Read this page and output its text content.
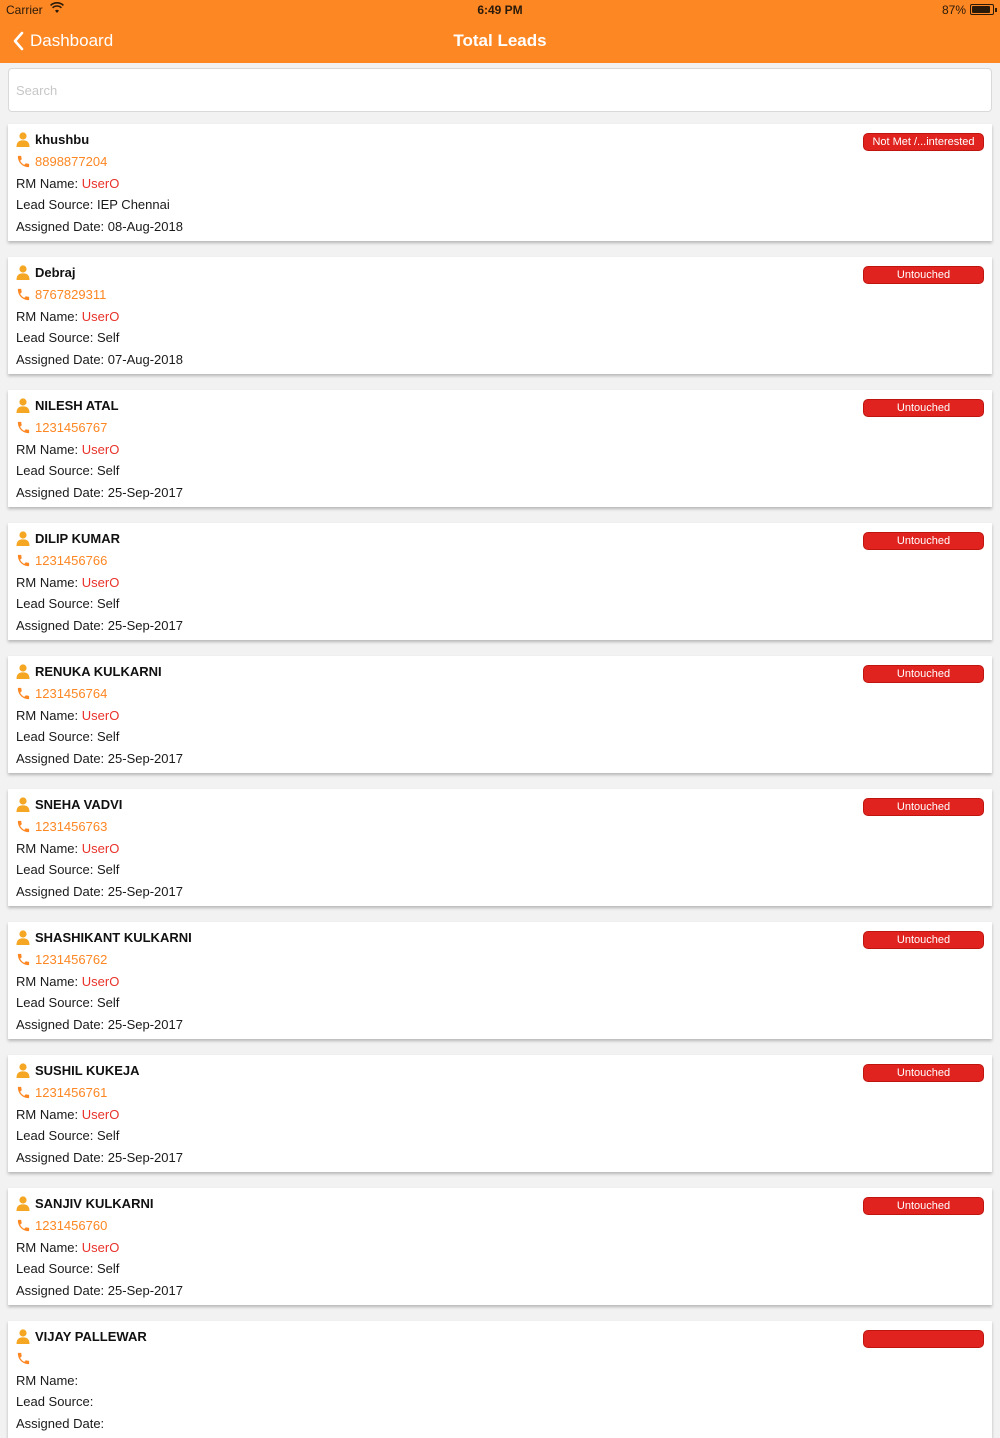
Carrier	6:49 PM	87%
Dashboard	Total Leads
Search
khushbu
8898877204
RM Name: UserO
Lead Source: IEP Chennai
Assigned Date: 08-Aug-2018
Not Met /...interested
Debraj
8767829311
RM Name: UserO
Lead Source: Self
Assigned Date: 07-Aug-2018
Untouched
NILESH ATAL
1231456767
RM Name: UserO
Lead Source: Self
Assigned Date: 25-Sep-2017
Untouched
DILIP KUMAR
1231456766
RM Name: UserO
Lead Source: Self
Assigned Date: 25-Sep-2017
Untouched
RENUKA KULKARNI
1231456764
RM Name: UserO
Lead Source: Self
Assigned Date: 25-Sep-2017
Untouched
SNEHA VADVI
1231456763
RM Name: UserO
Lead Source: Self
Assigned Date: 25-Sep-2017
Untouched
SHASHIKANT KULKARNI
1231456762
RM Name: UserO
Lead Source: Self
Assigned Date: 25-Sep-2017
Untouched
SUSHIL KUKEJA
1231456761
RM Name: UserO
Lead Source: Self
Assigned Date: 25-Sep-2017
Untouched
SANJIV KULKARNI
1231456760
RM Name: UserO
Lead Source: Self
Assigned Date: 25-Sep-2017
Untouched
VIJAY PALLEWAR
RM Name:
Lead Source:
Assigned Date:
